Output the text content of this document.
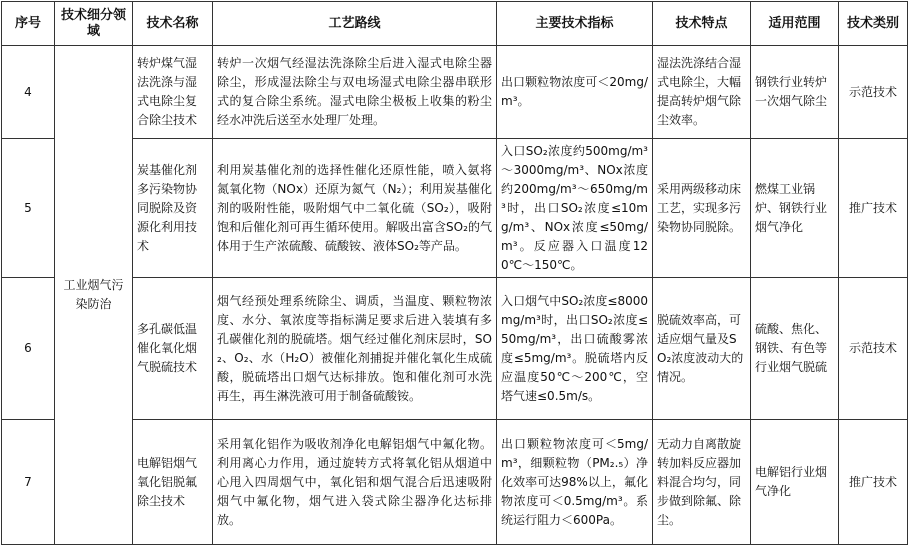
序号	技术细分领域	技术名称	工艺路线	主要技术指标	技术特点	适用范围	技术类别
4	工业烟气污染防治	转炉煤气湿法洗涤与湿式电除尘复合除尘技术	转炉一次烟气经湿法洗涤除尘后进入湿式电除尘器除尘，形成湿法除尘与双电场湿式电除尘器串联形式的复合除尘系统。湿式电除尘极板上收集的粉尘经水冲洗后送至水处理厂处理。	出口颗粒物浓度可＜20mg/m³。	湿法洗涤结合湿式电除尘，大幅提高转炉烟气除尘效率。	钢铁行业转炉一次烟气除尘	示范技术
5		炭基催化剂多污染物协同脱除及资源化利用技术	利用炭基催化剂的选择性催化还原性能，喷入氨将氮氧化物（NOx）还原为氮气（N₂）；利用炭基催化剂的吸附性能，吸附烟气中二氧化硫（SO₂），吸附饱和后催化剂可再生循环使用。解吸出富含SO₂的气体用于生产浓硫酸、硫酸铵、液体SO₂等产品。	入口SO₂浓度约500mg/m³～3000mg/m³、NOx浓度约200mg/m³～650mg/m³时，出口SO₂浓度≤10mg/m³、NOx浓度≤50mg/m³。反应器入口温度120℃～150℃。	采用两级移动床工艺，实现多污染物协同脱除。	燃煤工业锅炉、钢铁行业烟气净化	推广技术
6		多孔碳低温催化氧化烟气脱硫技术	烟气经预处理系统除尘、调质，当温度、颗粒物浓度、水分、氧浓度等指标满足要求后进入装填有多孔碳催化剂的脱硫塔。烟气经过催化剂床层时，SO₂、O₂、水（H₂O）被催化剂捕捉并催化氧化生成硫酸，脱硫塔出口烟气达标排放。饱和催化剂可水洗再生，再生淋洗液可用于制备硫酸铵。	入口烟气中SO₂浓度≤8000mg/m³时，出口SO₂浓度≤50mg/m³，出口硫酸雾浓度≤5mg/m³。脱硫塔内反应温度50℃～200℃，空塔气速≤0.5m/s。	脱硫效率高，可适应烟气量及SO₂浓度波动大的情况。	硫酸、焦化、钢铁、有色等行业烟气脱硫	示范技术
7		电解铝烟气氧化铝脱氟除尘技术	采用氧化铝作为吸收剂净化电解铝烟气中氟化物。利用离心力作用，通过旋转方式将氧化铝从烟道中心甩入四周烟气中，氧化铝和烟气混合后迅速吸附烟气中氟化物，烟气进入袋式除尘器净化达标排放。	出口颗粒物浓度可＜5mg/m³，细颗粒物（PM₂.₅）净化效率可达98%以上，氟化物浓度可＜0.5mg/m³。系统运行阻力＜600Pa。	无动力自离散旋转加料反应器加料混合均匀，同步做到除氟、除尘。	电解铝行业烟气净化	推广技术
